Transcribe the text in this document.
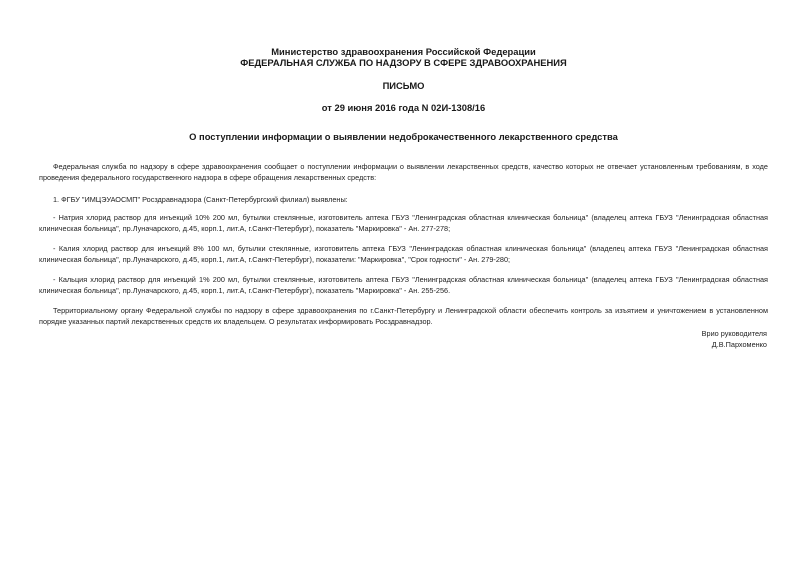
Министерство здравоохранения Российской Федерации
ФЕДЕРАЛЬНАЯ СЛУЖБА ПО НАДЗОРУ В СФЕРЕ ЗДРАВООХРАНЕНИЯ
ПИСЬМО
от 29 июня 2016 года N 02И-1308/16
О поступлении информации о выявлении недоброкачественного лекарственного средства
Федеральная служба по надзору в сфере здравоохранения сообщает о поступлении информации о выявлении лекарственных средств, качество которых не отвечает установленным требованиям, в ходе проведения федерального государственного надзора в сфере обращения лекарственных средств:
1. ФГБУ "ИМЦЭУАОСМП" Росздравнадзора (Санкт-Петербургский филиал) выявлены:
- Натрия хлорид раствор для инъекций 10% 200 мл, бутылки стеклянные, изготовитель аптека ГБУЗ "Ленинградская областная клиническая больница" (владелец аптека ГБУЗ "Ленинградская областная клиническая больница", пр.Луначарского, д.45, корп.1, лит.А, г.Санкт-Петербург), показатель "Маркировка" - Ан. 277-278;
- Калия хлорид раствор для инъекций 8% 100 мл, бутылки стеклянные, изготовитель аптека ГБУЗ "Ленинградская областная клиническая больница" (владелец аптека ГБУЗ "Ленинградская областная клиническая больница", пр.Луначарского, д.45, корп.1, лит.А, г.Санкт-Петербург), показатели: "Маркировка", "Срок годности" - Ан. 279-280;
- Кальция хлорид раствор для инъекций 1% 200 мл, бутылки стеклянные, изготовитель аптека ГБУЗ "Ленинградская областная клиническая больница" (владелец аптека ГБУЗ "Ленинградская областная клиническая больница", пр.Луначарского, д.45, корп.1, лит.А, г.Санкт-Петербург), показатель "Маркировка" - Ан. 255-256.
Территориальному органу Федеральной службы по надзору в сфере здравоохранения по г.Санкт-Петербургу и Ленинградской области обеспечить контроль за изъятием и уничтожением в установленном порядке указанных партий лекарственных средств их владельцем. О результатах информировать Росздравнадзор.
Врио руководителя
Д.В.Пархоменко
